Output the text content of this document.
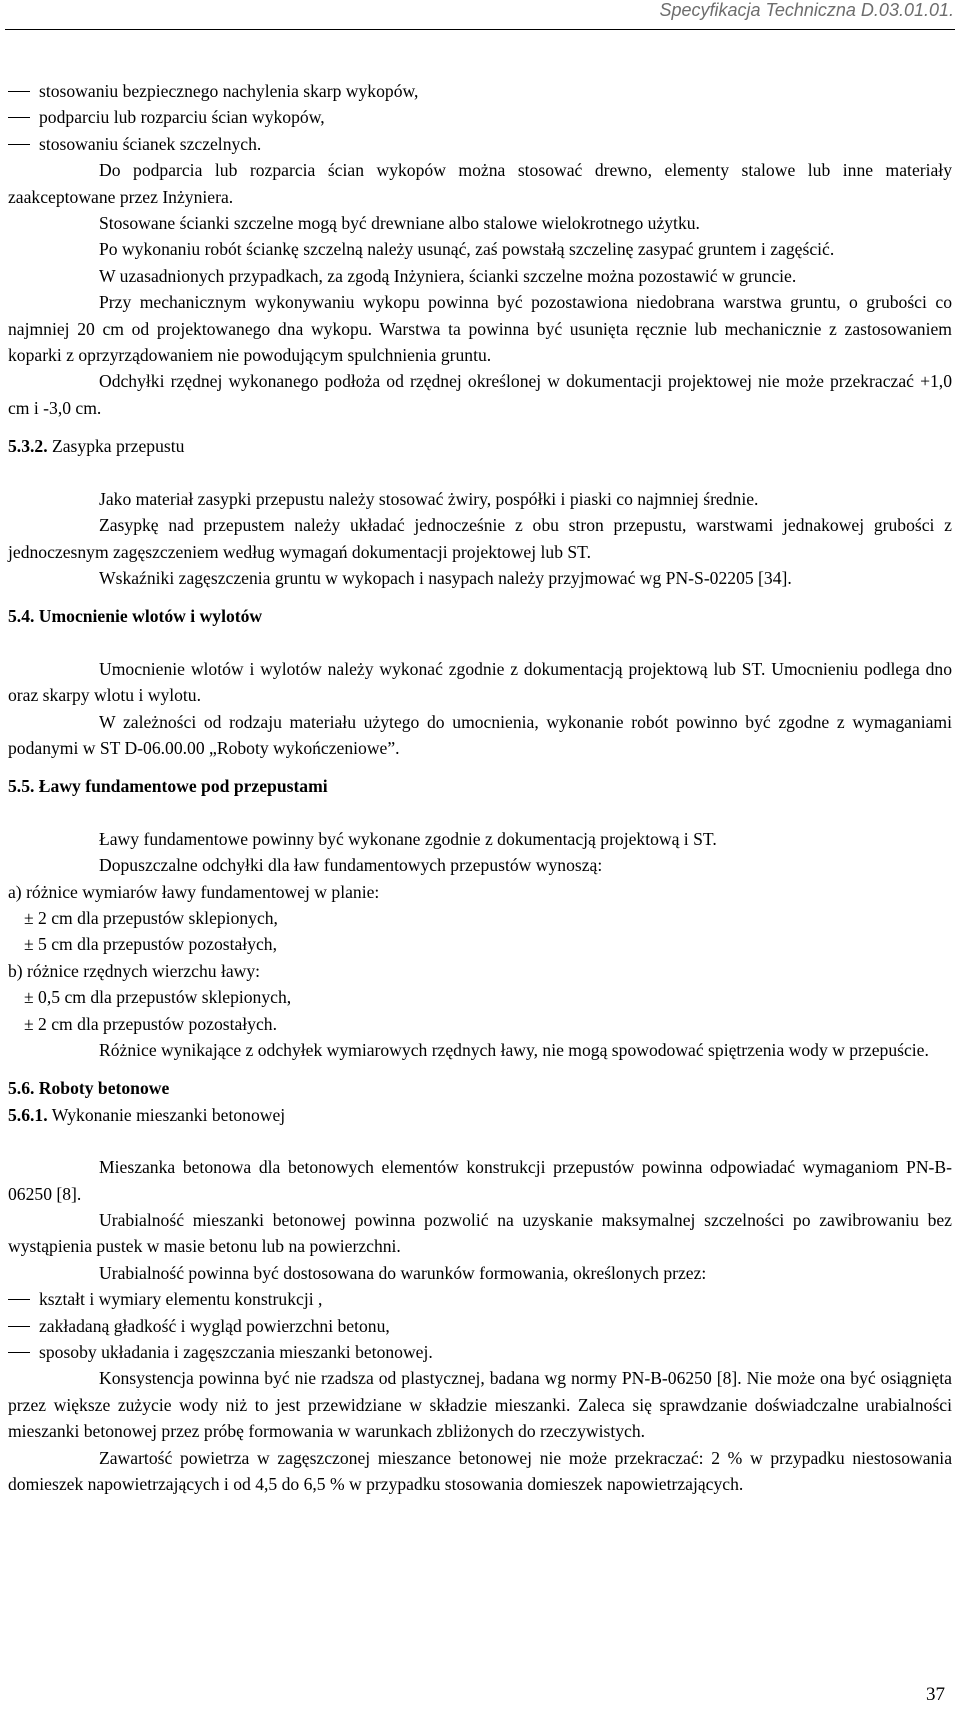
Specyfikacja Techniczna D.03.01.01.

stosowaniu bezpiecznego nachylenia skarp wykopów,

podparciu lub rozparciu ścian wykopów,

stosowaniu ścianek szczelnych.

Do podparcia lub rozparcia ścian wykopów można stosować drewno, elementy stalowe lub inne materiały zaakceptowane przez Inżyniera.

Stosowane ścianki szczelne mogą być drewniane albo stalowe wielokrotnego użytku.

Po wykonaniu robót ściankę szczelną należy usunąć, zaś powstałą szczelinę zasypać gruntem i zagęścić.

W uzasadnionych przypadkach, za zgodą Inżyniera, ścianki szczelne można pozostawić w gruncie.

Przy mechanicznym wykonywaniu wykopu powinna być pozostawiona niedobrana warstwa gruntu, o grubości co najmniej 20 cm od projektowanego dna wykopu. Warstwa ta powinna być usunięta ręcznie lub mechanicznie z zastosowaniem koparki z oprzyrządowaniem nie powodującym spulchnienia gruntu.

Odchyłki rzędnej wykonanego podłoża od rzędnej określonej w dokumentacji projektowej nie może przekraczać +1,0 cm i -3,0 cm.

5.3.2. Zasypka przepustu

Jako materiał zasypki przepustu należy stosować żwiry, pospółki i piaski co najmniej średnie.

Zasypkę nad przepustem należy układać jednocześnie z obu stron przepustu, warstwami jednakowej grubości z jednoczesnym zagęszczeniem według wymagań dokumentacji projektowej lub ST.

Wskaźniki zagęszczenia gruntu w wykopach i nasypach należy przyjmować wg PN-S-02205 [34].

5.4. Umocnienie wlotów i wylotów

Umocnienie wlotów i wylotów należy wykonać zgodnie z dokumentacją projektową lub ST. Umocnieniu podlega dno oraz skarpy wlotu i wylotu.

W zależności od rodzaju materiału użytego do umocnienia, wykonanie robót powinno być zgodne z wymaganiami podanymi w ST D-06.00.00 „Roboty wykończeniowe”.

5.5. Ławy fundamentowe pod przepustami

Ławy fundamentowe powinny być wykonane zgodnie z dokumentacją projektową i ST.

Dopuszczalne odchyłki dla ław fundamentowych przepustów wynoszą:

a) różnice wymiarów ławy fundamentowej w planie:

± 2 cm dla przepustów sklepionych,

± 5 cm dla przepustów pozostałych,

b) różnice rzędnych wierzchu ławy:

± 0,5 cm dla przepustów sklepionych,

± 2 cm dla przepustów pozostałych.

Różnice wynikające z odchyłek wymiarowych rzędnych ławy, nie mogą spowodować spiętrzenia wody w przepuście.

5.6. Roboty betonowe

5.6.1. Wykonanie mieszanki betonowej

Mieszanka betonowa dla betonowych elementów konstrukcji przepustów powinna odpowiadać wymaganiom PN-B-06250 [8].

Urabialność mieszanki betonowej powinna pozwolić na uzyskanie maksymalnej szczelności po zawibrowaniu bez wystąpienia pustek w masie betonu lub na powierzchni.

Urabialność powinna być dostosowana do warunków formowania, określonych przez:

kształt i wymiary elementu konstrukcji ,

zakładaną gładkość i wygląd powierzchni betonu,

sposoby układania i zagęszczania mieszanki betonowej.

Konsystencja powinna być nie rzadsza od plastycznej, badana wg normy PN-B-06250 [8]. Nie może ona być osiągnięta przez większe zużycie wody niż to jest przewidziane w składzie mieszanki. Zaleca się sprawdzanie doświadczalne urabialności mieszanki betonowej przez próbę formowania w warunkach zbliżonych do rzeczywistych.

Zawartość powietrza w zagęszczonej mieszance betonowej nie może przekraczać: 2 % w przypadku niestosowania domieszek napowietrzających i od 4,5 do 6,5 % w przypadku stosowania domieszek napowietrzających.

37
